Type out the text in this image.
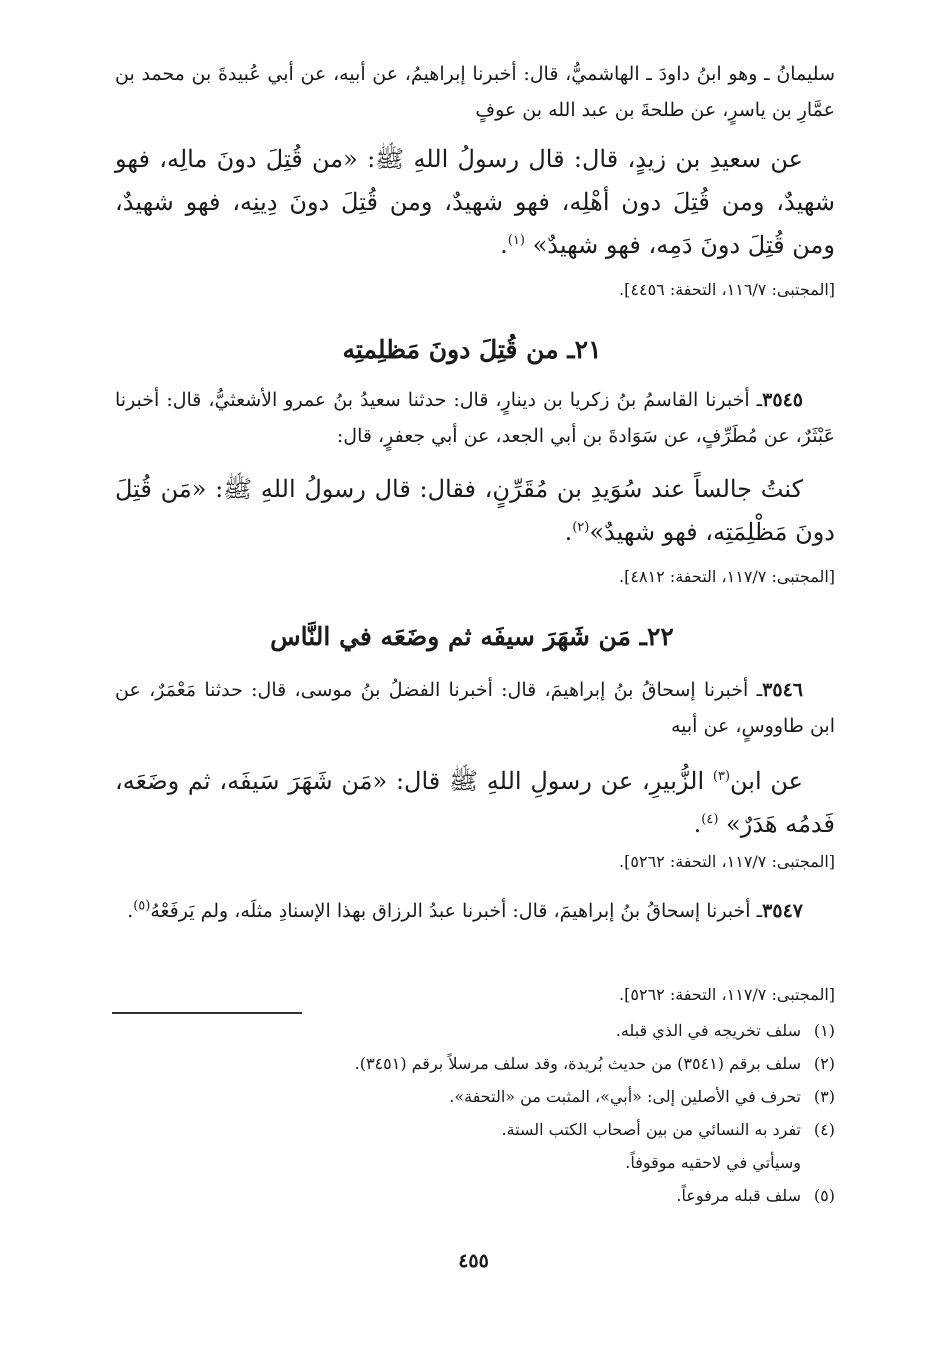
سليمانُ ـ وهو ابنُ داودَ ـ الهاشميُّ، قال: أخبرنا إبراهيمُ، عن أبيه، عن أبي عُبيدةَ بن محمد بن عمَّارِ بن ياسرٍ، عن طلحةَ بن عبد الله بن عوفٍ
عن سعيدِ بن زيدٍ، قال: قال رسولُ اللهِ ﷺ: «من قُتِلَ دونَ مالِه، فهو شهيدٌ، ومن قُتِلَ دون أهْلِه، فهو شهيدٌ، ومن قُتِلَ دونَ دِينِه، فهو شهيدٌ، ومن قُتِلَ دونَ دَمِه، فهو شهيدٌ» $^{(١)}$.
[المجتبى: ١١٦/٧، التحفة: ٤٤٥٦].
٢١ـ من قُتِلَ دونَ مَظلِمتِه
٣٥٤٥ـ أخبرنا القاسمُ بنُ زكريا بن دينارٍ، قال: حدثنا سعيدُ بنُ عمرو الأشعثيُّ، قال: أخبرنا عَبْثَرٌ، عن مُطَرِّفٍ، عن سَوَادةَ بن أبي الجعد، عن أبي جعفرٍ، قال:
كنتُ جالساً عند سُوَيدِ بن مُقَرِّنٍ، فقال: قال رسولُ اللهِ ﷺ: «مَن قُتِلَ دونَ مَظْلِمَتِه، فهو شهيدٌ»$^{(٢)}$.
[المجتبى: ١١٧/٧، التحفة: ٤٨١٢].
٢٢ـ مَن شَهَرَ سيفَه ثم وضَعَه في النَّاس
٣٥٤٦ـ أخبرنا إسحاقُ بنُ إبراهيمَ، قال: أخبرنا الفضلُ بنُ موسى، قال: حدثنا مَعْمَرٌ، عن ابن طاووسٍ، عن أبيه
عن ابن$^{(٣)}$ الزُّبيرِ، عن رسولِ اللهِ ﷺ قال: «مَن شَهَرَ سَيفَه، ثم وضَعَه، فَدمُه هَدَرٌ» $^{(٤)}$.
[المجتبى: ١١٧/٧، التحفة: ٥٢٦٢].
٣٥٤٧ـ أخبرنا إسحاقُ بنُ إبراهيمَ، قال: أخبرنا عبدُ الرزاق بهذا الإسنادِ مثلَه، ولم يَرفَعْهُ$^{(٥)}$.
[المجتبى: ١١٧/٧، التحفة: ٥٢٦٢].
(١)سلف تخريجه في الذي قبله.
(٢)سلف برقم (٣٥٤١) من حديث بُريدة، وقد سلف مرسلاً برقم (٣٤٥١).
(٣)تحرف في الأصلين إلى: «أبي»، المثبت من «التحفة».
(٤)تفرد به النسائي من بين أصحاب الكتب الستة.
وسيأتي في لاحقيه موقوفاً.
(٥)سلف قبله مرفوعاً.
٤٥٥
